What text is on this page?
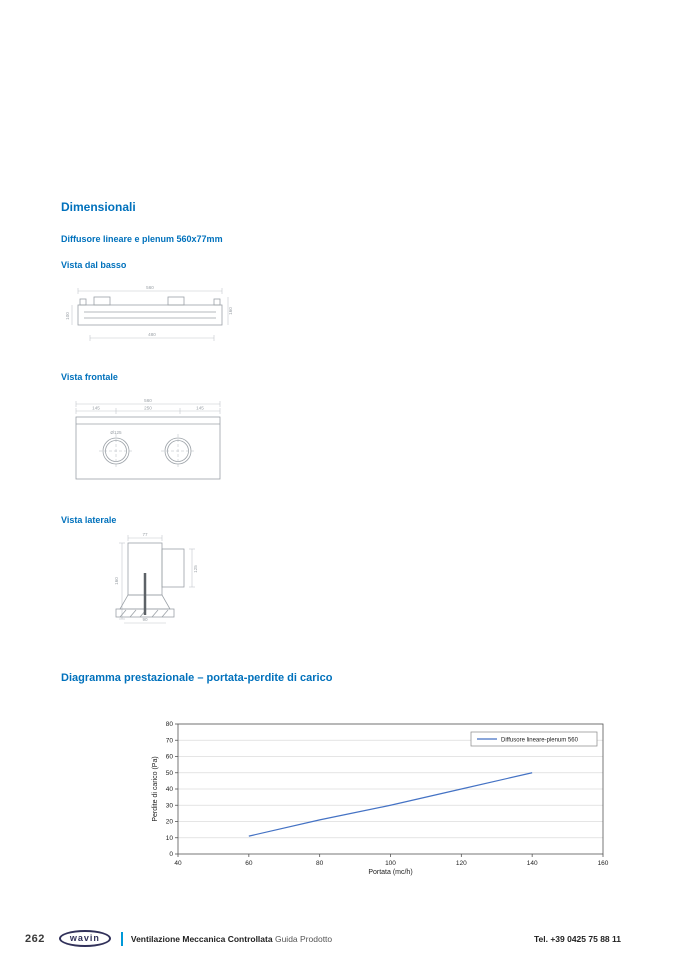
Dimensionali
Diffusore lineare e plenum 560x77mm
Vista dal basso
560
480
100
160
Vista frontale
560
145	250	145
Ø125
Vista laterale
77
160
125
90
Diagramma prestazionale – portata-perdite di carico
40	60	80	100	120	140	160
0
10
20
30
40
50
60
70
80
Portata (mc/h)
Perdite di carico (Pa)
Diffusore lineare-plenum 560
262	wavin	Ventilazione Meccanica Controllata Guida Prodotto	Tel. +39 0425 75 88 11
